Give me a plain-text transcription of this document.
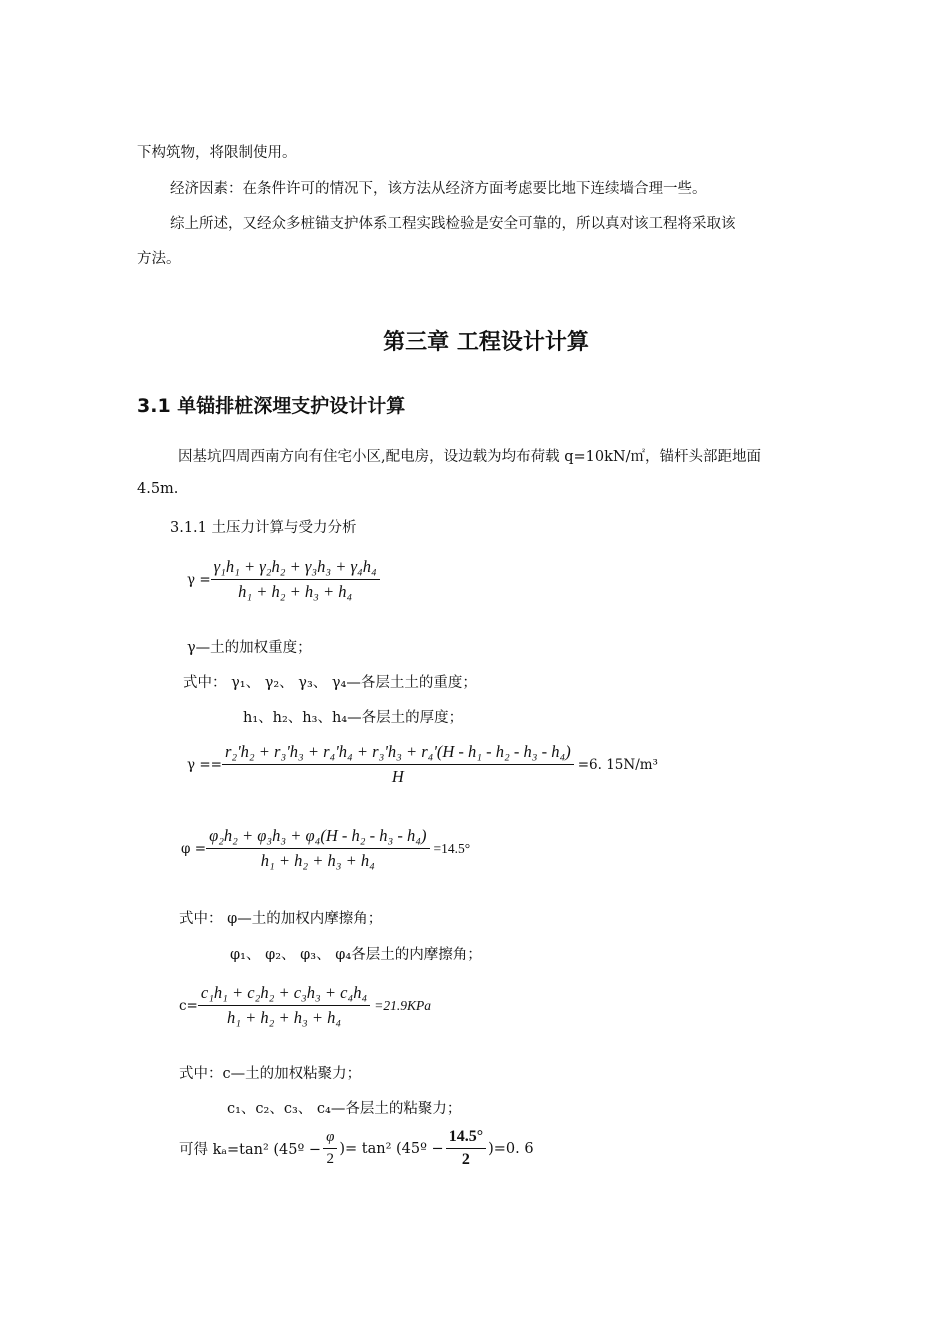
下构筑物，将限制使用。
经济因素：在条件许可的情况下，该方法从经济方面考虑要比地下连续墙合理一些。
综上所述，又经众多桩锚支护体系工程实践检验是安全可靠的，所以真对该工程将采取该
方法。
第三章 工程设计计算
3.1 单锚排桩深埋支护设计计算
因基坑四周西南方向有住宅小区,配电房，设边载为均布荷载 q=10kN/㎡，锚杆头部距地面
4.5m.
3.1.1 土压力计算与受力分析
$\gamma = \frac{\text{γ₁h₁ + γ₂h₂ + γ₃h₃ + γ₄h₄}}{\text{h₁ + h₂ + h₃ + h₄}}$
γ—土的加权重度；
式中： γ₁、 γ₂、 γ₃、 γ₄—各层土土的重度；
h₁、h₂、h₃、h₄—各层土的厚度；
$\gamma == \frac{\text{r₂'h₂ + r₃'h₃ + r₄'h₄ + r₃'h₃ + r₄'(H - h₁ - h₂ - h₃ - h₄)}}{H} =6$. 15N/m³
$\varphi = \frac{\text{φ₂h₂ + φ₃h₃ + φ₄(H - h₂ - h₃ - h₄)}}{\text{h₁ + h₂ + h₃ + h₄}} =14.5^\circ$
式中： φ—土的加权内摩擦角；
φ₁、 φ₂、 φ₃、 φ₄各层土的内摩擦角；
$c= \frac{\text{c₁h₁ + c₂h₂ + c₃h₃ + c₄h₄}}{\text{h₁ + h₂ + h₃ + h₄}} =21.9KPa$
式中：c—土的加权粘聚力；
c₁、c₂、c₃、 c₄—各层土的粘聚力；
可得 kₐ=tan² (45º − $\frac{\varphi}{2}$ )= tan² (45º − $\frac{14.5^\circ}{2} )=0$. 6
